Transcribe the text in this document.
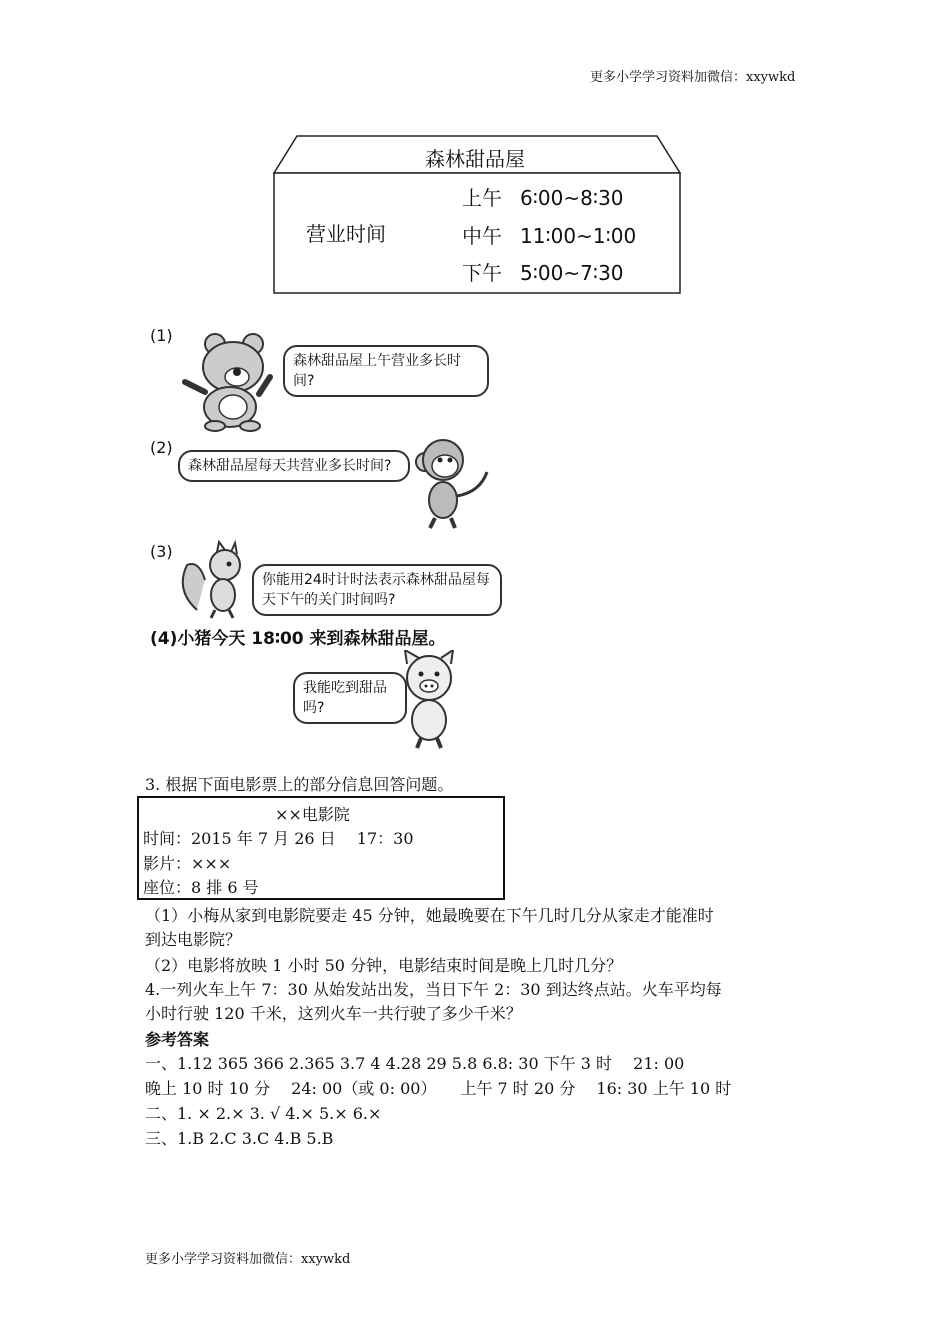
更多小学学习资料加微信：xxywkd
森林甜品屋
营业时间
上午 6∶00~8∶30
中午 11∶00~1∶00
下午 5∶00~7∶30
(1)
森林甜品屋上午营业多长时间?
(2)
森林甜品屋每天共营业多长时间?
(3)
你能用24时计时法表示森林甜品屋每天下午的关门时间吗?
(4)小猪今天 18∶00 来到森林甜品屋。
我能吃到甜品吗?
3. 根据下面电影票上的部分信息回答问题。
××电影院
时间：2015 年 7 月 26 日　 17：30
影片：×××
座位：8 排 6 号
（1）小梅从家到电影院要走 45 分钟，她最晚要在下午几时几分从家走才能准时
到达电影院？
（2）电影将放映 1 小时 50 分钟，电影结束时间是晚上几时几分？
4.一列火车上午 7：30 从始发站出发，当日下午 2：30 到达终点站。火车平均每
小时行驶 120 千米，这列火车一共行驶了多少千米？
参考答案
一、1.12 365 366 2.365 3.7 4 4.28 29 5.8 6.8: 30 下午 3 时　 21: 00
晚上 10 时 10 分　 24: 00（或 0: 00）　　上午 7 时 20 分　 16: 30 上午 10 时
二、1. × 2.× 3. √ 4.× 5.× 6.×
三、1.B 2.C 3.C 4.B 5.B
更多小学学习资料加微信：xxywkd
